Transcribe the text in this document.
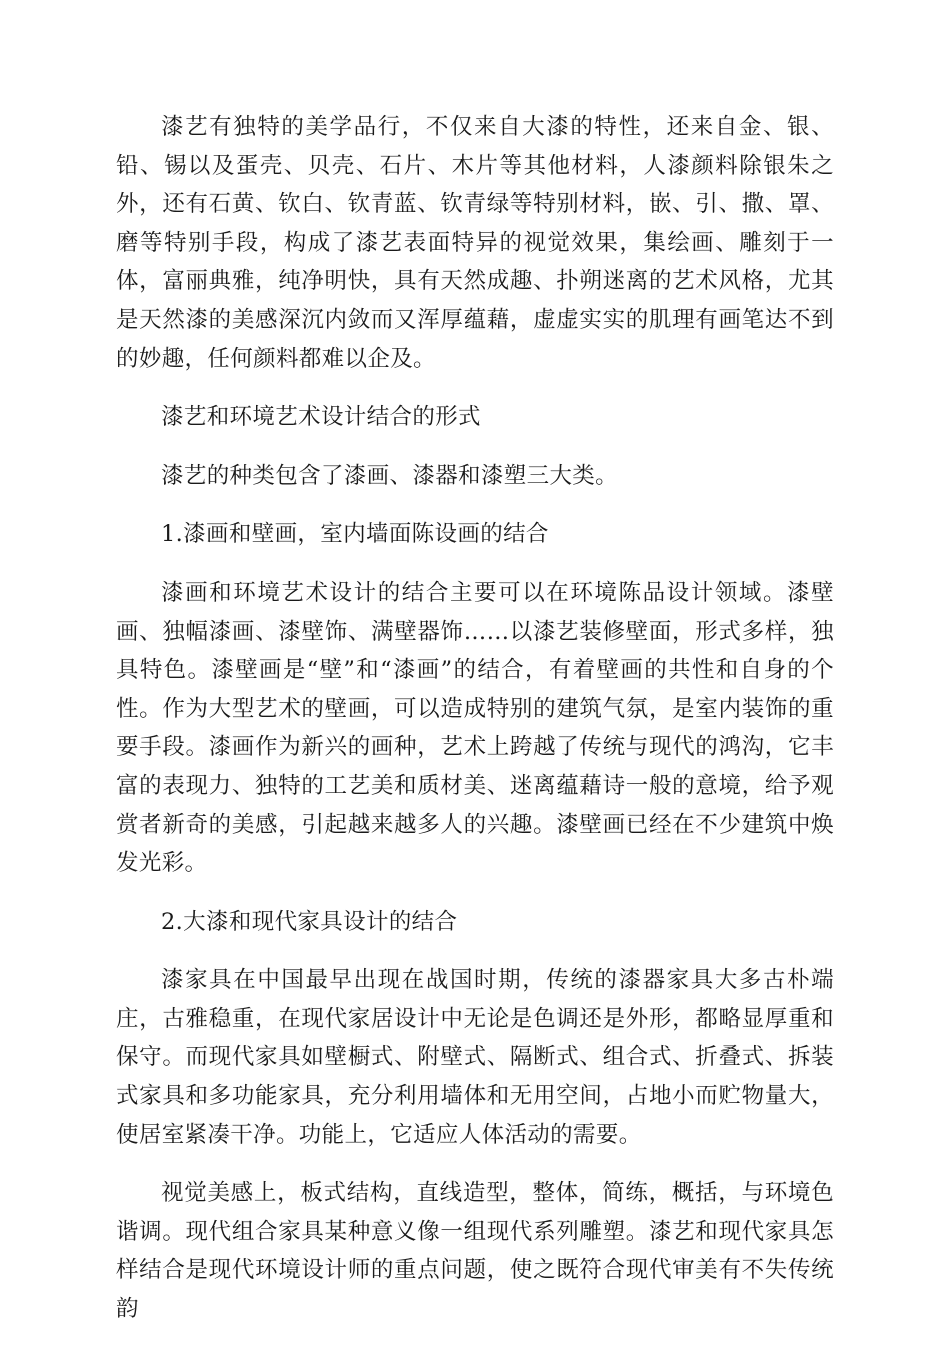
漆艺有独特的美学品行，不仅来自大漆的特性，还来自金、银、铅、锡以及蛋壳、贝壳、石片、木片等其他材料，人漆颜料除银朱之外，还有石黄、钦白、钦青蓝、钦青绿等特别材料，嵌、引、撒、罩、磨等特别手段，构成了漆艺表面特异的视觉效果，集绘画、雕刻于一体，富丽典雅，纯净明快，具有天然成趣、扑朔迷离的艺术风格，尤其是天然漆的美感深沉内敛而又浑厚蕴藉，虚虚实实的肌理有画笔达不到的妙趣，任何颜料都难以企及。

漆艺和环境艺术设计结合的形式

漆艺的种类包含了漆画、漆器和漆塑三大类。

1.漆画和壁画，室内墙面陈设画的结合

漆画和环境艺术设计的结合主要可以在环境陈品设计领域。漆壁画、独幅漆画、漆壁饰、满壁器饰……以漆艺装修壁面，形式多样，独具特色。漆壁画是“壁”和“漆画”的结合，有着壁画的共性和自身的个性。作为大型艺术的壁画，可以造成特别的建筑气氛，是室内装饰的重要手段。漆画作为新兴的画种，艺术上跨越了传统与现代的鸿沟，它丰富的表现力、独特的工艺美和质材美、迷离蕴藉诗一般的意境，给予观赏者新奇的美感，引起越来越多人的兴趣。漆壁画已经在不少建筑中焕发光彩。

2.大漆和现代家具设计的结合

漆家具在中国最早出现在战国时期，传统的漆器家具大多古朴端庄，古雅稳重，在现代家居设计中无论是色调还是外形，都略显厚重和保守。而现代家具如壁橱式、附壁式、隔断式、组合式、折叠式、拆装式家具和多功能家具，充分利用墙体和无用空间，占地小而贮物量大，使居室紧凑干净。功能上，它适应人体活动的需要。

视觉美感上，板式结构，直线造型，整体，简练，概括，与环境色谐调。现代组合家具某种意义像一组现代系列雕塑。漆艺和现代家具怎样结合是现代环境设计师的重点问题，使之既符合现代审美有不失传统韵
